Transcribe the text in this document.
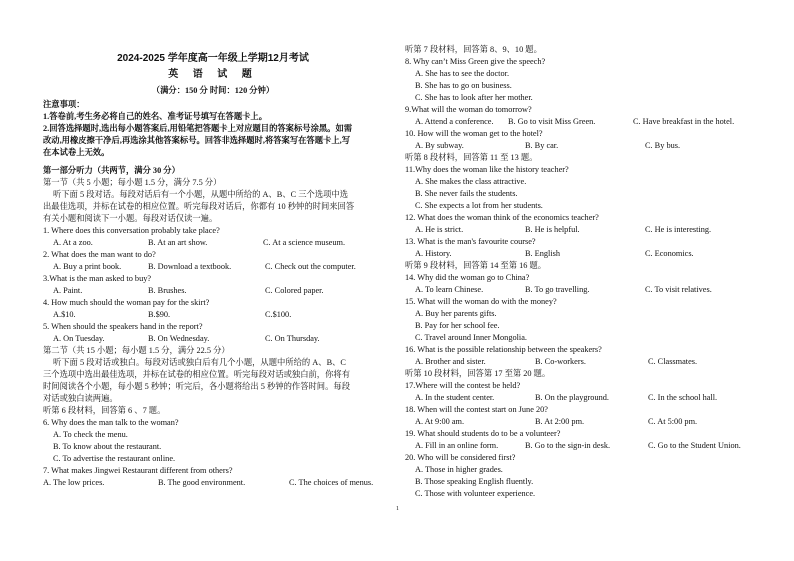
2024-2025 学年度高一年级上学期12月考试
英 语 试 题
（满分：150 分 时间：120 分钟）
注意事项：
1.答卷前,考生务必将自己的姓名、准考证号填写在答题卡上。
2.回答选择题时,选出每小题答案后,用铅笔把答题卡上对应题目的答案标号涂黑。如需
改动,用橡皮擦干净后,再选涂其他答案标号。回答非选择题时,将答案写在答题卡上,写
在本试卷上无效。
第一部分听力（共两节，满分 30 分）
第一节（共 5 小题；每小题 1.5 分，满分 7.5 分）
听下面 5 段对话。每段对话后有一个小题，从题中所给的 A、B、C 三个选项中选
出最佳选项，并标在试卷的相应位置。听完每段对话后，你都有 10 秒钟的时间来回答
有关小题和阅读下一小题。每段对话仅读一遍。
1. Where does this conversation probably take place?
A. At a zoo.	B. At an art show.	C. At a science museum.
2. What does the man want to do?
A. Buy a print book.	B. Download a textbook.	C. Check out the computer.
3.What is the man asked to buy?
A. Paint.	B. Brushes.	C. Colored paper.
4. How much should the woman pay for the skirt?
A.$10.	B.$90.	C.$100.
5. When should the speakers hand in the report?
A. On Tuesday.	B. On Wednesday.	C. On Thursday.
第二节（共 15 小题；每小题 1.5 分，满分 22.5 分）
听下面 5 段对话或独白。每段对话或独白后有几个小题，从题中所给的 A、B、C
三个选项中选出最佳选项，并标在试卷的相应位置。听完每段对话或独白前，你将有
时间阅读各个小题，每小题 5 秒钟；听完后，各小题将给出 5 秒钟的作答时间。每段
对话或独白读两遍。
听第 6 段材料，回答第 6 、7 题。
6. Why does the man talk to the woman?
A. To check the menu.
B. To know about the restaurant.
C. To advertise the restaurant online.
7. What makes Jingwei Restaurant different from others?
A. The low prices.	B. The good environment.	C. The choices of menus.
听第 7 段材料，回答第 8、9、10 题。
8. Why can’t Miss Green give the speech?
A. She has to see the doctor.
B. She has to go on business.
C. She has to look after her mother.
9.What will the woman do tomorrow?
A. Attend a conference. B. Go to visit Miss Green.	C. Have breakfast in the hotel.
10. How will the woman get to the hotel?
A. By subway.	B. By car.	C. By bus.
听第 8 段材料，回答第 11 至 13 题。
11.Why does the woman like the history teacher?
A. She makes the class attractive.
B. She never fails the students.
C. She expects a lot from her students.
12. What does the woman think of the economics teacher?
A. He is strict.	B. He is helpful.	C. He is interesting.
13. What is the man's favourite course?
A. History.	B. English	C. Economics.
听第 9 段材料，回答第 14 至第 16 题。
14. Why did the woman go to China?
A. To learn Chinese.	B. To go travelling.	C. To visit relatives.
15. What will the woman do with the money?
A. Buy her parents gifts.
B. Pay for her school fee.
C. Travel around Inner Mongolia.
16. What is the possible relationship between the speakers?
A. Brother and sister.	B. Co-workers.	C. Classmates.
听第 10 段材料，回答第 17 至第 20 题。
17.Where will the contest be held?
A. In the student center.	B. On the playground.	C. In the school hall.
18. When will the contest start on June 20?
A. At 9:00 am.	B. At 2:00 pm.	C. At 5:00 pm.
19. What should students do to be a volunteer?
A. Fill in an online form.	B. Go to the sign-in desk.	C. Go to the Student Union.
20. Who will be considered first?
A. Those in higher grades.
B. Those speaking English fluently.
C. Those with volunteer experience.
1
